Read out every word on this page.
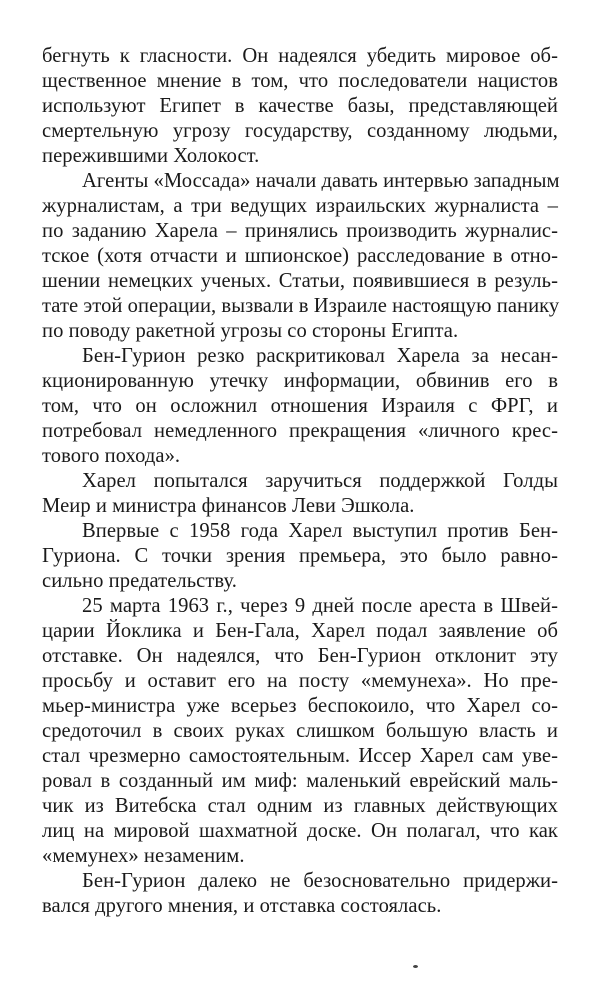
бегнуть к гласности. Он надеялся убедить мировое об-
щественное мнение в том, что последователи нацистов
используют Египет в качестве базы, представляющей
смертельную угрозу государству, созданному людьми,
пережившими Холокост.
Агенты «Моссада» начали давать интервью западным
журналистам, а три ведущих израильских журналиста –
по заданию Харела – принялись производить журналис-
тское (хотя отчасти и шпионское) расследование в отно-
шении немецких ученых. Статьи, появившиеся в резуль-
тате этой операции, вызвали в Израиле настоящую панику
по поводу ракетной угрозы со стороны Египта.
Бен-Гурион резко раскритиковал Харела за несан-
кционированную утечку информации, обвинив его в
том, что он осложнил отношения Израиля с ФРГ, и
потребовал немедленного прекращения «личного крес-
тового похода».
Харел попытался заручиться поддержкой Голды
Меир и министра финансов Леви Эшкола.
Впервые с 1958 года Харел выступил против Бен-
Гуриона. С точки зрения премьера, это было равно-
сильно предательству.
25 марта 1963 г., через 9 дней после ареста в Швей-
царии Йоклика и Бен-Гала, Харел подал заявление об
отставке. Он надеялся, что Бен-Гурион отклонит эту
просьбу и оставит его на посту «мемунеха». Но пре-
мьер-министра уже всерьез беспокоило, что Харел со-
средоточил в своих руках слишком большую власть и
стал чрезмерно самостоятельным. Иссер Харел сам уве-
ровал в созданный им миф: маленький еврейский маль-
чик из Витебска стал одним из главных действующих
лиц на мировой шахматной доске. Он полагал, что как
«мемунех» незаменим.
Бен-Гурион далеко не безосновательно придержи-
вался другого мнения, и отставка состоялась.
